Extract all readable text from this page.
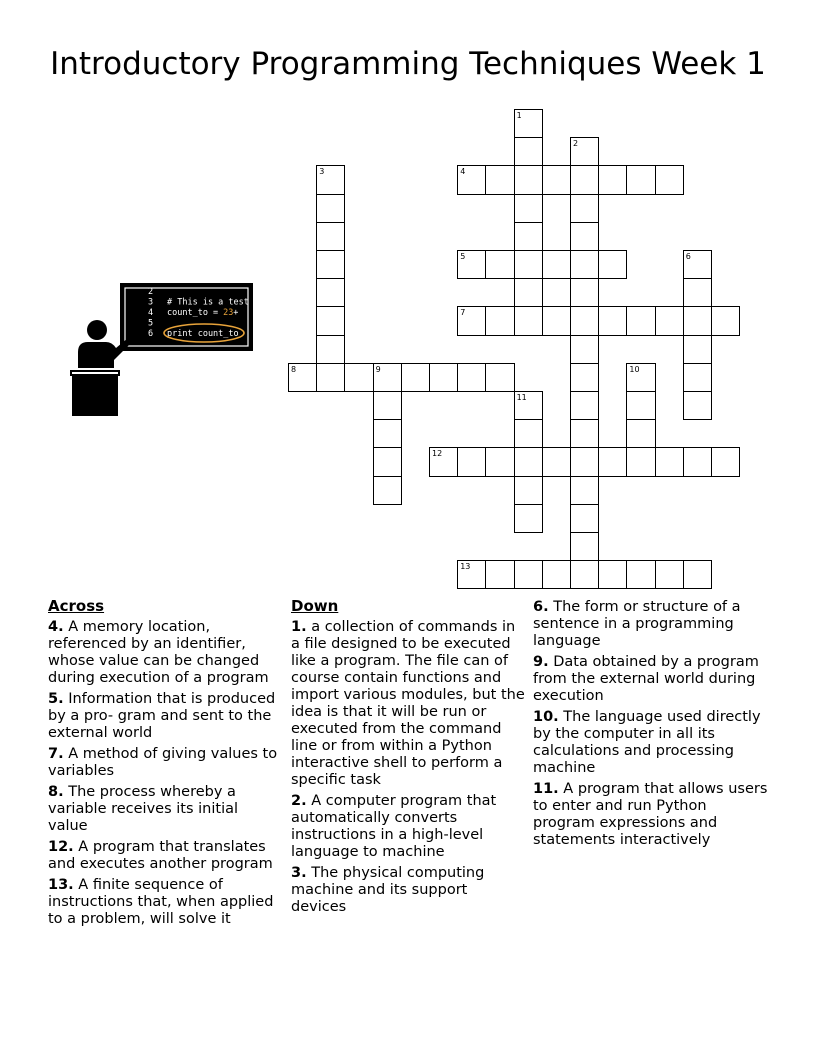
Introductory Programming Techniques Week 1
2
3 # This is a test
4 count_to = 23 +
5
6 print count_to
1
2
3	4
5	6
7
8	9	10
11
12
13
Across
4. A memory location, referenced by an identifier, whose value can be changed during execution of a program
5. Information that is produced by a pro- gram and sent to the external world
7. A method of giving values to variables
8. The process whereby a variable receives its initial value
12. A program that translates and executes another program
13. A finite sequence of instructions that, when applied to a problem, will solve it
Down
1. a collection of commands in a file designed to be executed like a program. The file can of course contain functions and import various modules, but the idea is that it will be run or executed from the command line or from within a Python interactive shell to perform a specific task
2. A computer program that automatically converts instructions in a high-level language to machine
3. The physical computing machine and its support devices
6. The form or structure of a sentence in a programming language
9. Data obtained by a program from the external world during execution
10. The language used directly by the computer in all its calculations and processing machine
11. A program that allows users to enter and run Python program expressions and statements interactively
